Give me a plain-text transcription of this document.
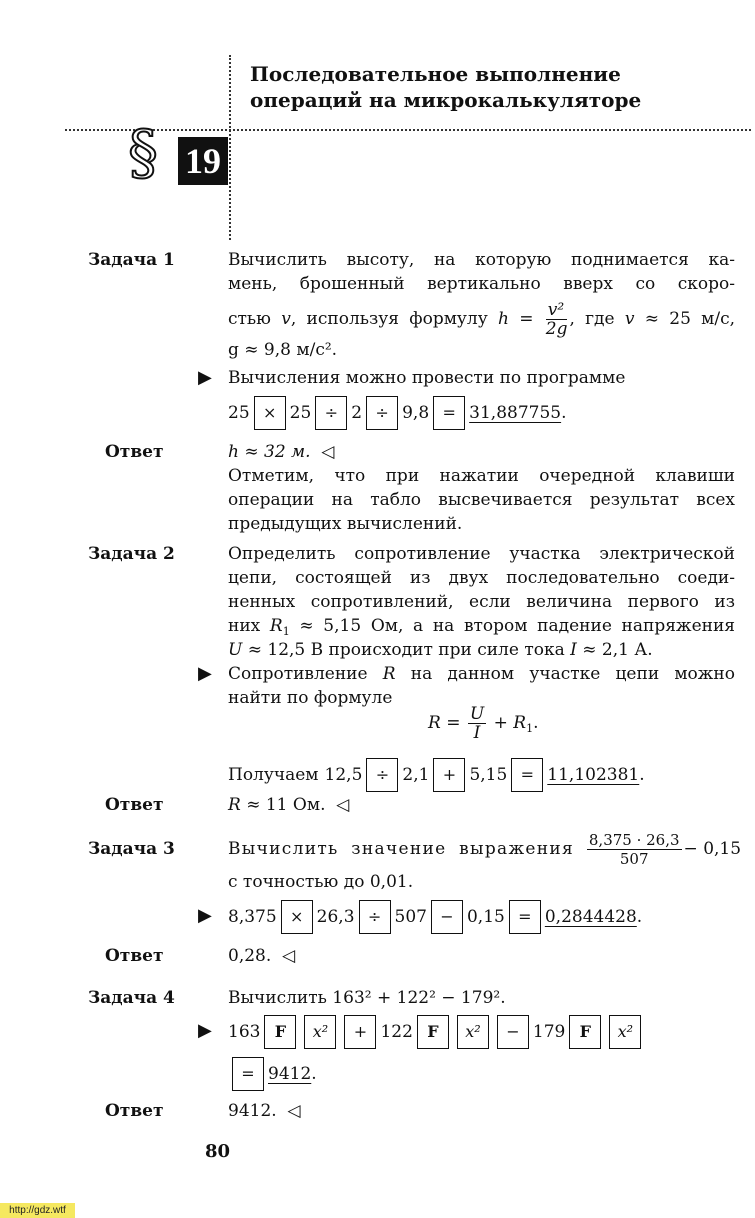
Последовательное выполнение
операций на микрокалькуляторе
§ 19
Задача 1	Вычислить высоту, на которую поднимается ка-
мень, брошенный вертикально вверх со скоро-
стью v, используя формулу $h = \frac{\text{v²}}{2g}$ , где v ≈ 25 м/с,
g ≈ 9,8 м/с².
▶ Вычисления можно провести по программе
25 × 25 ÷ 2 ÷ 9,8 = 31,887755.
Ответ	h ≈ 32 м. ◁
Отметим, что при нажатии очередной клавиши
операции на табло высвечивается результат всех
предыдущих вычислений.
Задача 2	Определить сопротивление участка электрической
цепи, состоящей из двух последовательно соеди-
ненных сопротивлений, если величина первого из
них $R_1 \approx 5,15$ Ом, а на втором падение напряжения
U ≈ 12,5 В происходит при силе тока I ≈ 2,1 А.
▶ Сопротивление R на данном участке цепи можно
найти по формуле
$R = \frac{U}{I} + R_1$.
Получаем 12,5 ÷ 2,1 + 5,15 = 11,102381.
Ответ	R ≈ 11 Ом. ◁
Задача 3	Вычислить значение выражения $\frac{8,375 \cdot 26,3}{507} - 0,15$
с точностью до 0,01.
▶ 8,375 × 26,3 ÷ 507 − 0,15 = 0,2844428.
Ответ	0,28. ◁
Задача 4	Вычислить 163² + 122² − 179².
▶ 163 F x² + 122 F x² − 179 F x²
= 9412.
Ответ	9412. ◁
80
http://gdz.wtf
